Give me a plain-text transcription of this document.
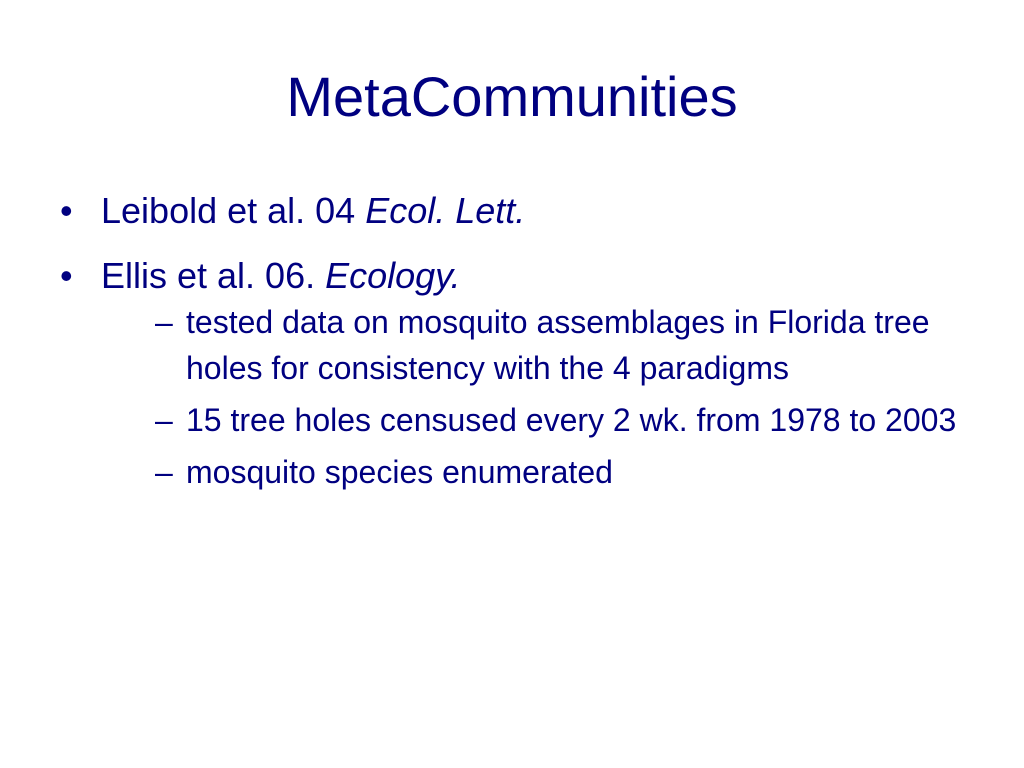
MetaCommunities
• Leibold et al. 04 Ecol. Lett.
• Ellis et al. 06. Ecology.
– tested data on mosquito assemblages in Florida tree holes for consistency with the 4 paradigms
– 15 tree holes censused every 2 wk. from 1978 to 2003
– mosquito species enumerated
